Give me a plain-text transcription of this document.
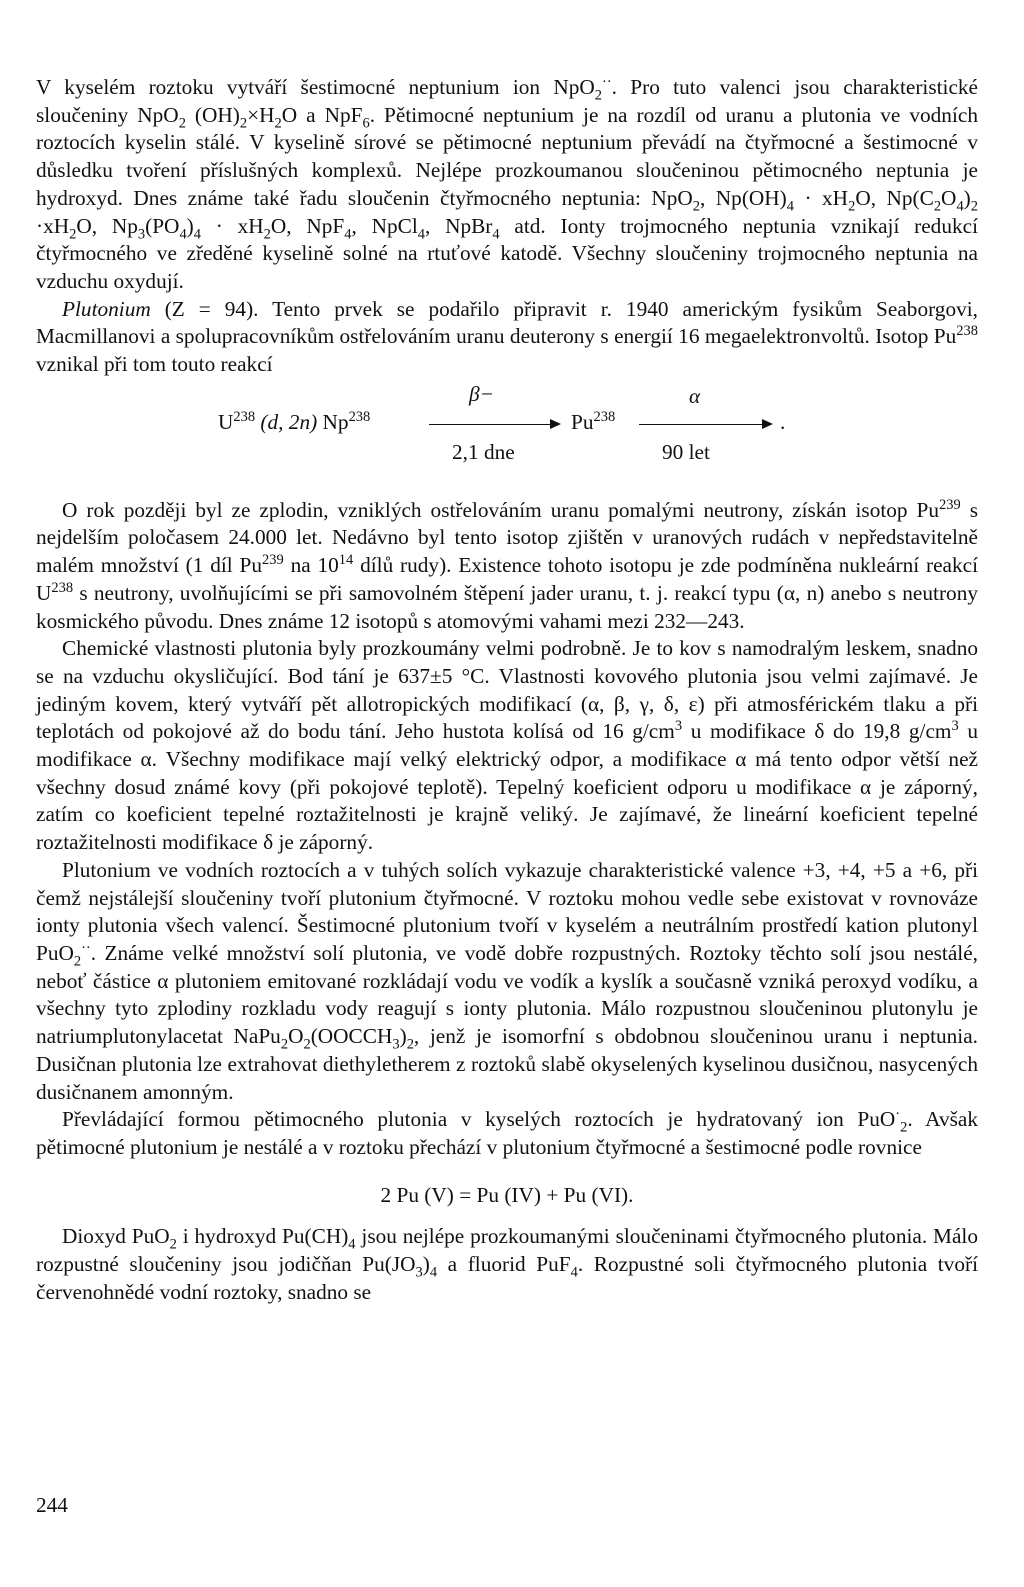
V kyselém roztoku vytváří šestimocné neptunium ion NpO$_2$··. Pro tuto valenci jsou charakteristické sloučeniny NpO$_2$ $(OH)_2\times H_2O$ a NpF$_6$. Pětimocné neptunium je na rozdíl od uranu a plutonia ve vodních roztocích kyselin stálé. V kyselině sírové se pětimocné neptunium převádí na čtyřmocné a šestimocné v důsledku tvoření příslušných komplexů. Nejlépe prozkoumanou sloučeninou pětimocného neptunia je hydroxyd. Dnes známe také řadu sloučenin čtyřmocného neptunia: NpO$_2$, $Np(OH)_4 \cdot xH_2O$, $Np(C_2O_4)_2 \cdot xH_2O$, $Np_3(PO_4)_4 \cdot xH_2O$, NpF$_4$, NpCl$_4$, NpBr$_4$ atd. Ionty trojmocného neptunia vznikají redukcí čtyřmocného ve zředěné kyselině solné na rtuťové katodě. Všechny sloučeniny trojmocného neptunia na vzduchu oxydují.

Plutonium (Z = 94). Tento prvek se podařilo připravit r. 1940 americkým fysikům Seaborgovi, Macmillanovi a spolupracovníkům ostřelováním uranu deuterony s energií 16 megaelektronvoltů. Isotop Pu$^{238}$ vznikal při tom touto reakcí

$U^{238}$ (d, 2n) Np$^{238}$
β−
2,1 dne
Pu$^{238}$
α
.
90 let

O rok později byl ze zplodin, vzniklých ostřelováním uranu pomalými neutrony, získán isotop Pu$^{239}$ s nejdelším poločasem 24.000 let. Nedávno byl tento isotop zjištěn v uranových rudách v nepředstavitelně malém množství (1 díl Pu$^{239}$ na $10^{14}$ dílů rudy). Existence tohoto isotopu je zde podmíněna nukleární reakcí $U^{238}$ s neutrony, uvolňujícími se při samovolném štěpení jader uranu, t. j. reakcí typu (α, n) anebo s neutrony kosmického původu. Dnes známe 12 isotopů s atomovými vahami mezi 232—243.

Chemické vlastnosti plutonia byly prozkoumány velmi podrobně. Je to kov s namodralým leskem, snadno se na vzduchu okysličující. Bod tání je 637±5 °C. Vlastnosti kovového plutonia jsou velmi zajímavé. Je jediným kovem, který vytváří pět allotropických modifikací (α, β, γ, δ, ε) při atmosférickém tlaku a při teplotách od pokojové až do bodu tání. Jeho hustota kolísá od 16 $g/cm^3$ u modifikace δ do 19,8 $g/cm^3$ u modifikace α. Všechny modifikace mají velký elektrický odpor, a modifikace α má tento odpor větší než všechny dosud známé kovy (při pokojové teplotě). Tepelný koeficient odporu u modifikace α je záporný, zatím co koeficient tepelné roztažitelnosti je krajně veliký. Je zajímavé, že lineární koeficient tepelné roztažitelnosti modifikace δ je záporný.

Plutonium ve vodních roztocích a v tuhých solích vykazuje charakteristické valence +3, +4, +5 a +6, při čemž nejstálejší sloučeniny tvoří plutonium čtyřmocné. V roztoku mohou vedle sebe existovat v rovnováze ionty plutonia všech valencí. Šestimocné plutonium tvoří v kyselém a neutrálním prostředí kation plutonyl PuO$_2$··. Známe velké množství solí plutonia, ve vodě dobře rozpustných. Roztoky těchto solí jsou nestálé, neboť částice α plutoniem emitované rozkládají vodu ve vodík a kyslík a současně vzniká peroxyd vodíku, a všechny tyto zplodiny rozkladu vody reagují s ionty plutonia. Málo rozpustnou sloučeninou plutonylu je natriumplutonylacetat $NaPu_2O_2(OOCCH_3)_2$, jenž je isomorfní s obdobnou sloučeninou uranu i neptunia. Dusičnan plutonia lze extrahovat diethyletherem z roztoků slabě okyselených kyselinou dusičnou, nasycených dusičnanem amonným.

Převládající formou pětimocného plutonia v kyselých roztocích je hydratovaný ion PuO·$_2$. Avšak pětimocné plutonium je nestálé a v roztoku přechází v plutonium čtyřmocné a šestimocné podle rovnice

2 Pu (V) = Pu (IV) + Pu (VI).

Dioxyd PuO$_2$ i hydroxyd $Pu(CH)_4$ jsou nejlépe prozkoumanými sloučeninami čtyřmocného plutonia. Málo rozpustné sloučeniny jsou jodičňan $Pu(JO_3)_4$ a fluorid PuF$_4$. Rozpustné soli čtyřmocného plutonia tvoří červenohnědé vodní roztoky, snadno se

244
